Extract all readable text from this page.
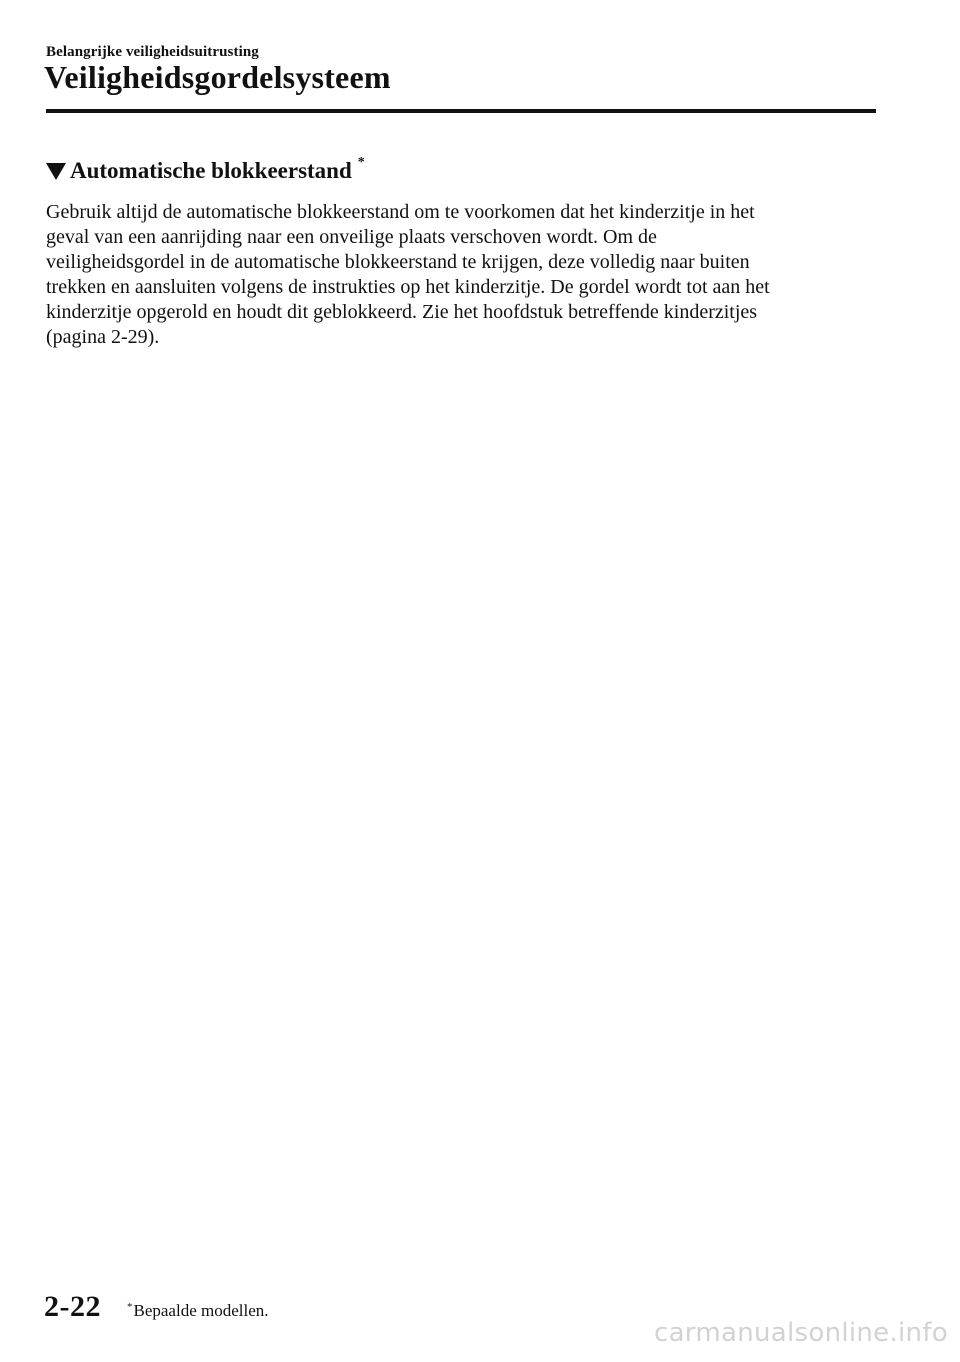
Belangrijke veiligheidsuitrusting
Veiligheidsgordelsysteem
Automatische blokkeerstand *

Gebruik altijd de automatische blokkeerstand om te voorkomen dat het kinderzitje in het
geval van een aanrijding naar een onveilige plaats verschoven wordt. Om de
veiligheidsgordel in de automatische blokkeerstand te krijgen, deze volledig naar buiten
trekken en aansluiten volgens de instrukties op het kinderzitje. De gordel wordt tot aan het
kinderzitje opgerold en houdt dit geblokkeerd. Zie het hoofdstuk betreffende kinderzitjes
(pagina 2-29).

2-22 * Bepaalde modellen.
carmanualsonline.info
